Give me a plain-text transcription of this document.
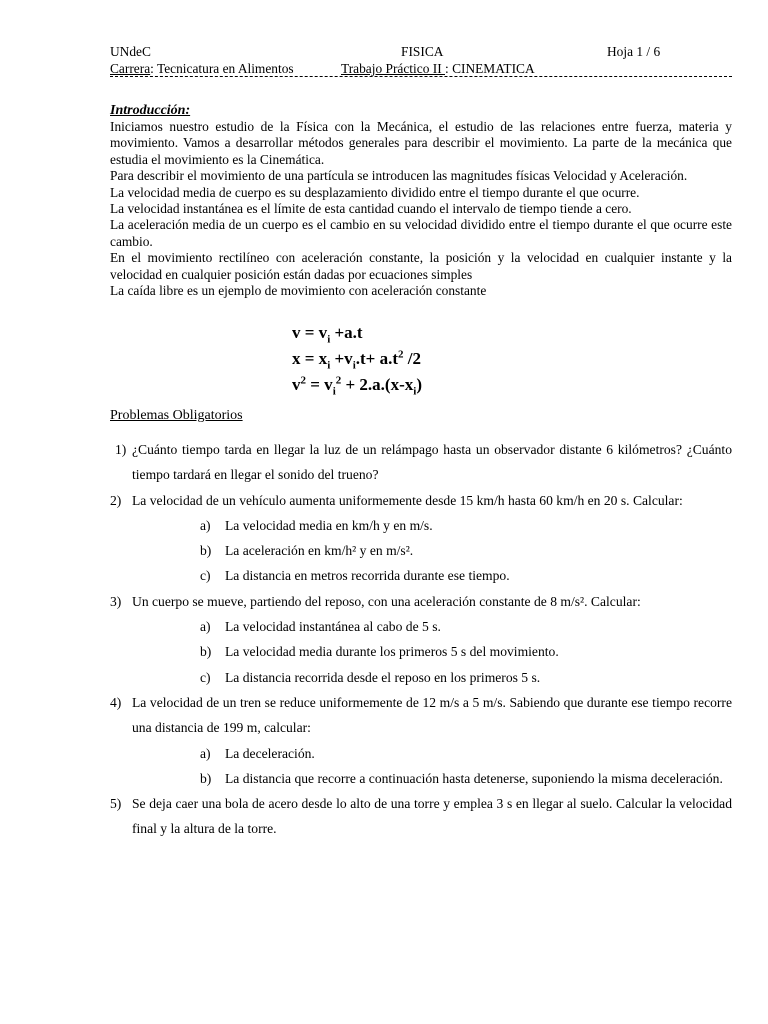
UNdeC	FISICA	Hoja 1 / 6
Carrera: Tecnicatura en Alimentos	Trabajo Práctico II : CINEMATICA
Introducción:

Iniciamos nuestro estudio de la Física con la Mecánica, el estudio de las relaciones entre fuerza, materia y movimiento. Vamos a desarrollar métodos generales para describir el movimiento. La parte de la mecánica que estudia el movimiento es la Cinemática.

Para describir el movimiento de una partícula se introducen las magnitudes físicas Velocidad y Aceleración.

La velocidad media de cuerpo es su desplazamiento dividido entre el tiempo durante el que ocurre.

La velocidad instantánea es el límite de esta cantidad cuando el intervalo de tiempo tiende a cero.

La aceleración media de un cuerpo es el cambio en su velocidad dividido entre el tiempo durante el que ocurre este cambio.

En el movimiento rectilíneo con aceleración constante, la posición y la velocidad en cualquier instante y la velocidad en cualquier posición están dadas por ecuaciones simples

La caída libre es un ejemplo de movimiento con aceleración constante

$v = v_i +a.t$
$x = x_i +v_i.t+ a.t^2$ /2
$v^2 = v_i^2 + 2.a.(x-x_i)$
Problemas Obligatorios
1) ¿Cuánto tiempo tarda en llegar la luz de un relámpago hasta un observador distante 6 kilómetros? ¿Cuánto tiempo tardará en llegar el sonido del trueno?
2) La velocidad de un vehículo aumenta uniformemente desde 15 km/h hasta 60 km/h en 20 s. Calcular:
a) La velocidad media en km/h y en m/s.
b) La aceleración en km/h² y en m/s².
c) La distancia en metros recorrida durante ese tiempo.
3) Un cuerpo se mueve, partiendo del reposo, con una aceleración constante de 8 m/s². Calcular:
a) La velocidad instantánea al cabo de 5 s.
b) La velocidad media durante los primeros 5 s del movimiento.
c) La distancia recorrida desde el reposo en los primeros 5 s.
4) La velocidad de un tren se reduce uniformemente de 12 m/s a 5 m/s. Sabiendo que durante ese tiempo recorre una distancia de 199 m, calcular:
a) La deceleración.
b) La distancia que recorre a continuación hasta detenerse, suponiendo la misma deceleración.
5) Se deja caer una bola de acero desde lo alto de una torre y emplea 3 s en llegar al suelo. Calcular la velocidad final y la altura de la torre.
